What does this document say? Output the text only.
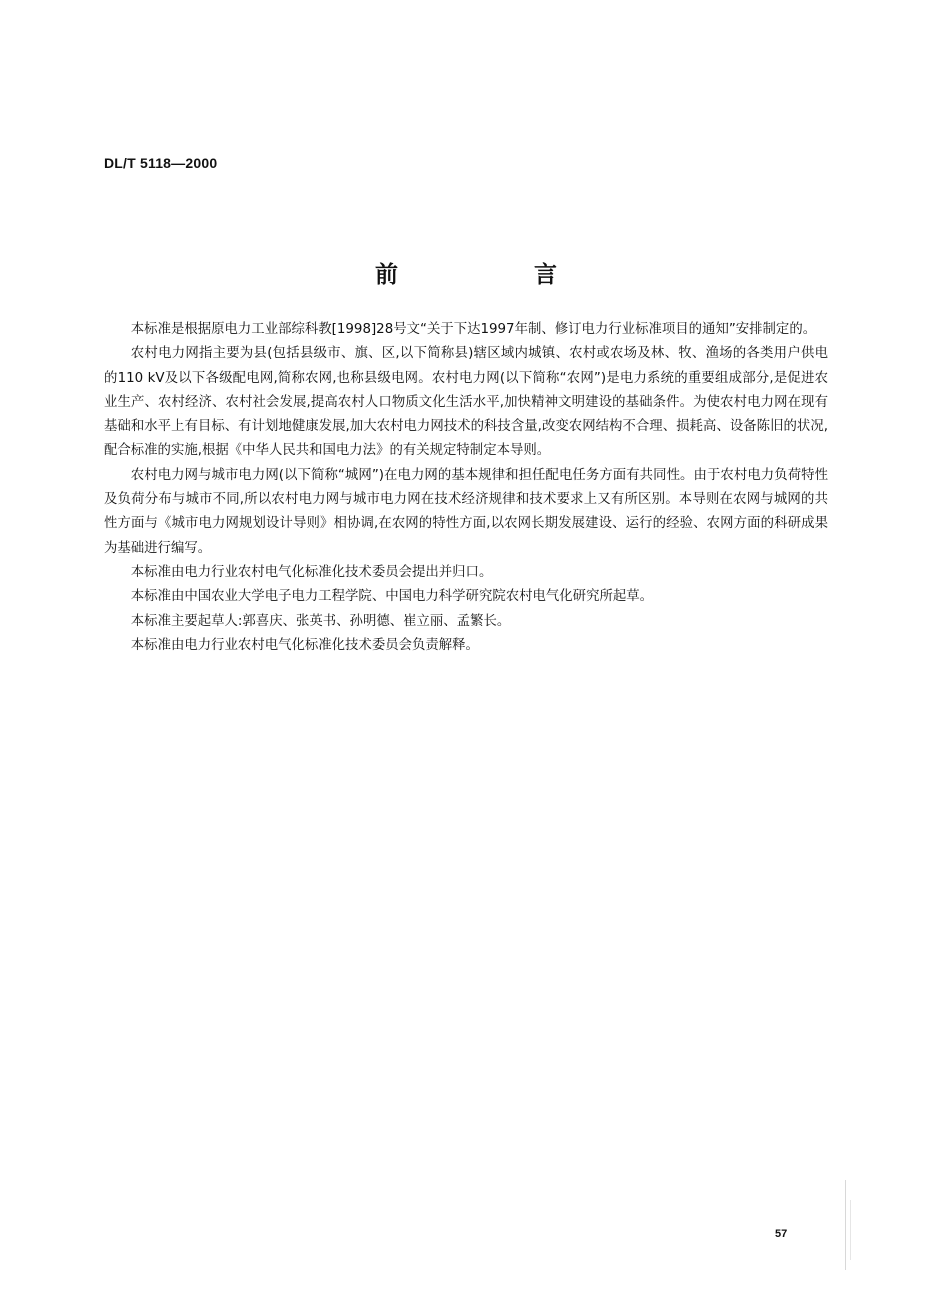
DL/T 5118—2000
前 言

本标准是根据原电力工业部综科教[1998]28号文“关于下达1997年制、修订电力行业标准项目的通知”安排制定的。

农村电力网指主要为县(包括县级市、旗、区,以下简称县)辖区域内城镇、农村或农场及林、牧、渔场的各类用户供电的110 kV及以下各级配电网,简称农网,也称县级电网。农村电力网(以下简称“农网”)是电力系统的重要组成部分,是促进农业生产、农村经济、农村社会发展,提高农村人口物质文化生活水平,加快精神文明建设的基础条件。为使农村电力网在现有基础和水平上有目标、有计划地健康发展,加大农村电力网技术的科技含量,改变农网结构不合理、损耗高、设备陈旧的状况,配合标准的实施,根据《中华人民共和国电力法》的有关规定特制定本导则。

农村电力网与城市电力网(以下简称“城网”)在电力网的基本规律和担任配电任务方面有共同性。由于农村电力负荷特性及负荷分布与城市不同,所以农村电力网与城市电力网在技术经济规律和技术要求上又有所区别。本导则在农网与城网的共性方面与《城市电力网规划设计导则》相协调,在农网的特性方面,以农网长期发展建设、运行的经验、农网方面的科研成果为基础进行编写。

本标准由电力行业农村电气化标准化技术委员会提出并归口。

本标准由中国农业大学电子电力工程学院、中国电力科学研究院农村电气化研究所起草。

本标准主要起草人:郭喜庆、张英书、孙明德、崔立丽、孟繁长。

本标准由电力行业农村电气化标准化技术委员会负责解释。

57
